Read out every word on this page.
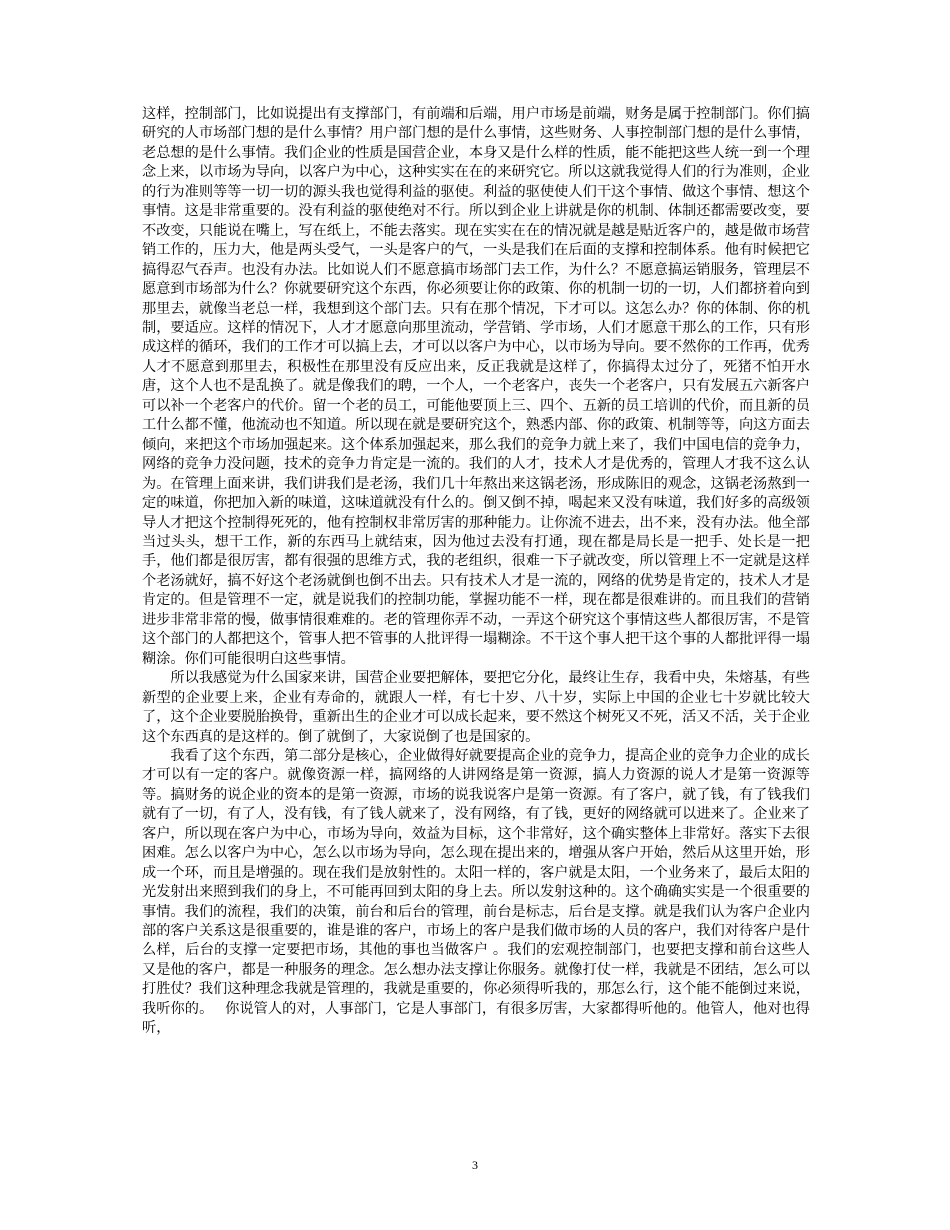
这样，控制部门，比如说提出有支撑部门，有前端和后端，用户市场是前端，财务是属于控制部门。你们搞研究的人市场部门想的是什么事情？用户部门想的是什么事情，这些财务、人事控制部门想的是什么事情，老总想的是什么事情。我们企业的性质是国营企业，本身又是什么样的性质，能不能把这些人统一到一个理念上来，以市场为导向，以客户为中心，这种实实在在的来研究它。所以这就我觉得人们的行为准则，企业的行为准则等等一切一切的源头我也觉得利益的驱使。利益的驱使使人们干这个事情、做这个事情、想这个事情。这是非常重要的。没有利益的驱使绝对不行。所以到企业上讲就是你的机制、体制还都需要改变，要不改变，只能说在嘴上，写在纸上，不能去落实。现在实实在在的情况就是越是贴近客户的，越是做市场营销工作的，压力大，他是两头受气，一头是客户的气，一头是我们在后面的支撑和控制体系。他有时候把它搞得忍气吞声。也没有办法。比如说人们不愿意搞市场部门去工作，为什么？不愿意搞运销服务，管理层不愿意到市场部为什么？你就要研究这个东西，你必须要让你的政策、你的机制一切的一切，人们都挤着向到那里去，就像当老总一样，我想到这个部门去。只有在那个情况，下才可以。这怎么办？你的体制、你的机制，要适应。这样的情况下，人才才愿意向那里流动，学营销、学市场，人们才愿意干那么的工作，只有形成这样的循环，我们的工作才可以搞上去，才可以以客户为中心，以市场为导向。要不然你的工作再，优秀人才不愿意到那里去，积极性在那里没有反应出来，反正我就是这样了，你搞得太过分了，死猪不怕开水唐，这个人也不是乱换了。就是像我们的聘，一个人，一个老客户，丧失一个老客户，只有发展五六新客户可以补一个老客户的代价。留一个老的员工，可能他要顶上三、四个、五新的员工培训的代价，而且新的员工什么都不懂，他流动也不知道。所以现在就是要研究这个，熟悉内部、你的政策、机制等等，向这方面去倾向，来把这个市场加强起来。这个体系加强起来，那么我们的竞争力就上来了，我们中国电信的竞争力，网络的竞争力没问题，技术的竞争力肯定是一流的。我们的人才，技术人才是优秀的，管理人才我不这么认为。在管理上面来讲，我们讲我们是老汤，我们几十年熬出来这锅老汤，形成陈旧的观念，这锅老汤熬到一定的味道，你把加入新的味道，这味道就没有什么的。倒又倒不掉，喝起来又没有味道，我们好多的高级领导人才把这个控制得死死的，他有控制权非常厉害的那种能力。让你流不进去，出不来，没有办法。他全部当过头头，想干工作，新的东西马上就结束，因为他过去没有打通，现在都是局长是一把手、处长是一把手，他们都是很厉害，都有很强的思维方式，我的老组织，很难一下子就改变，所以管理上不一定就是这样个老汤就好，搞不好这个老汤就倒也倒不出去。只有技术人才是一流的，网络的优势是肯定的，技术人才是肯定的。但是管理不一定，就是说我们的控制功能，掌握功能不一样，现在都是很难讲的。而且我们的营销进步非常非常的慢，做事情很难难的。老的管理你弄不动，一弄这个研究这个事情这些人都很厉害，不是管这个部门的人都把这个，管事人把不管事的人批评得一塌糊涂。不干这个事人把干这个事的人都批评得一塌糊涂。你们可能很明白这些事情。

所以我感觉为什么国家来讲，国营企业要把解体，要把它分化，最终让生存，我看中央，朱熔基，有些新型的企业要上来，企业有寿命的，就跟人一样，有七十岁、八十岁，实际上中国的企业七十岁就比较大了，这个企业要脱胎换骨，重新出生的企业才可以成长起来，要不然这个树死又不死，活又不活，关于企业这个东西真的是这样的。倒了就倒了，大家说倒了也是国家的。

我看了这个东西，第二部分是核心，企业做得好就要提高企业的竞争力，提高企业的竞争力企业的成长才可以有一定的客户。就像资源一样，搞网络的人讲网络是第一资源，搞人力资源的说人才是第一资源等等。搞财务的说企业的资本的是第一资源，市场的说我说客户是第一资源。有了客户，就了钱，有了钱我们就有了一切，有了人，没有钱，有了钱人就来了，没有网络，有了钱，更好的网络就可以进来了。企业来了客户，所以现在客户为中心，市场为导向，效益为目标，这个非常好，这个确实整体上非常好。落实下去很困难。怎么以客户为中心，怎么以市场为导向，怎么现在提出来的，增强从客户开始，然后从这里开始，形成一个环，而且是增强的。现在我们是放射性的。太阳一样的，客户就是太阳，一个业务来了，最后太阳的光发射出来照到我们的身上，不可能再回到太阳的身上去。所以发射这种的。这个确确实实是一个很重要的事情。我们的流程，我们的决策，前台和后台的管理，前台是标志，后台是支撑。就是我们认为客户企业内部的客户关系这是很重要的，谁是谁的客户，市场上的客户是我们做市场的人员的客户，我们对待客户是什么样，后台的支撑一定要把市场，其他的事也当做客户 。我们的宏观控制部门，也要把支撑和前台这些人又是他的客户，都是一种服务的理念。怎么想办法支撑让你服务。就像打仗一样，我就是不团结，怎么可以打胜仗？我们这种理念我就是管理的，我就是重要的，你必须得听我的，那怎么行，这个能不能倒过来说，我听你的。　 你说管人的对，人事部门，它是人事部门，有很多厉害，大家都得听他的。他管人，他对也得听，

3
